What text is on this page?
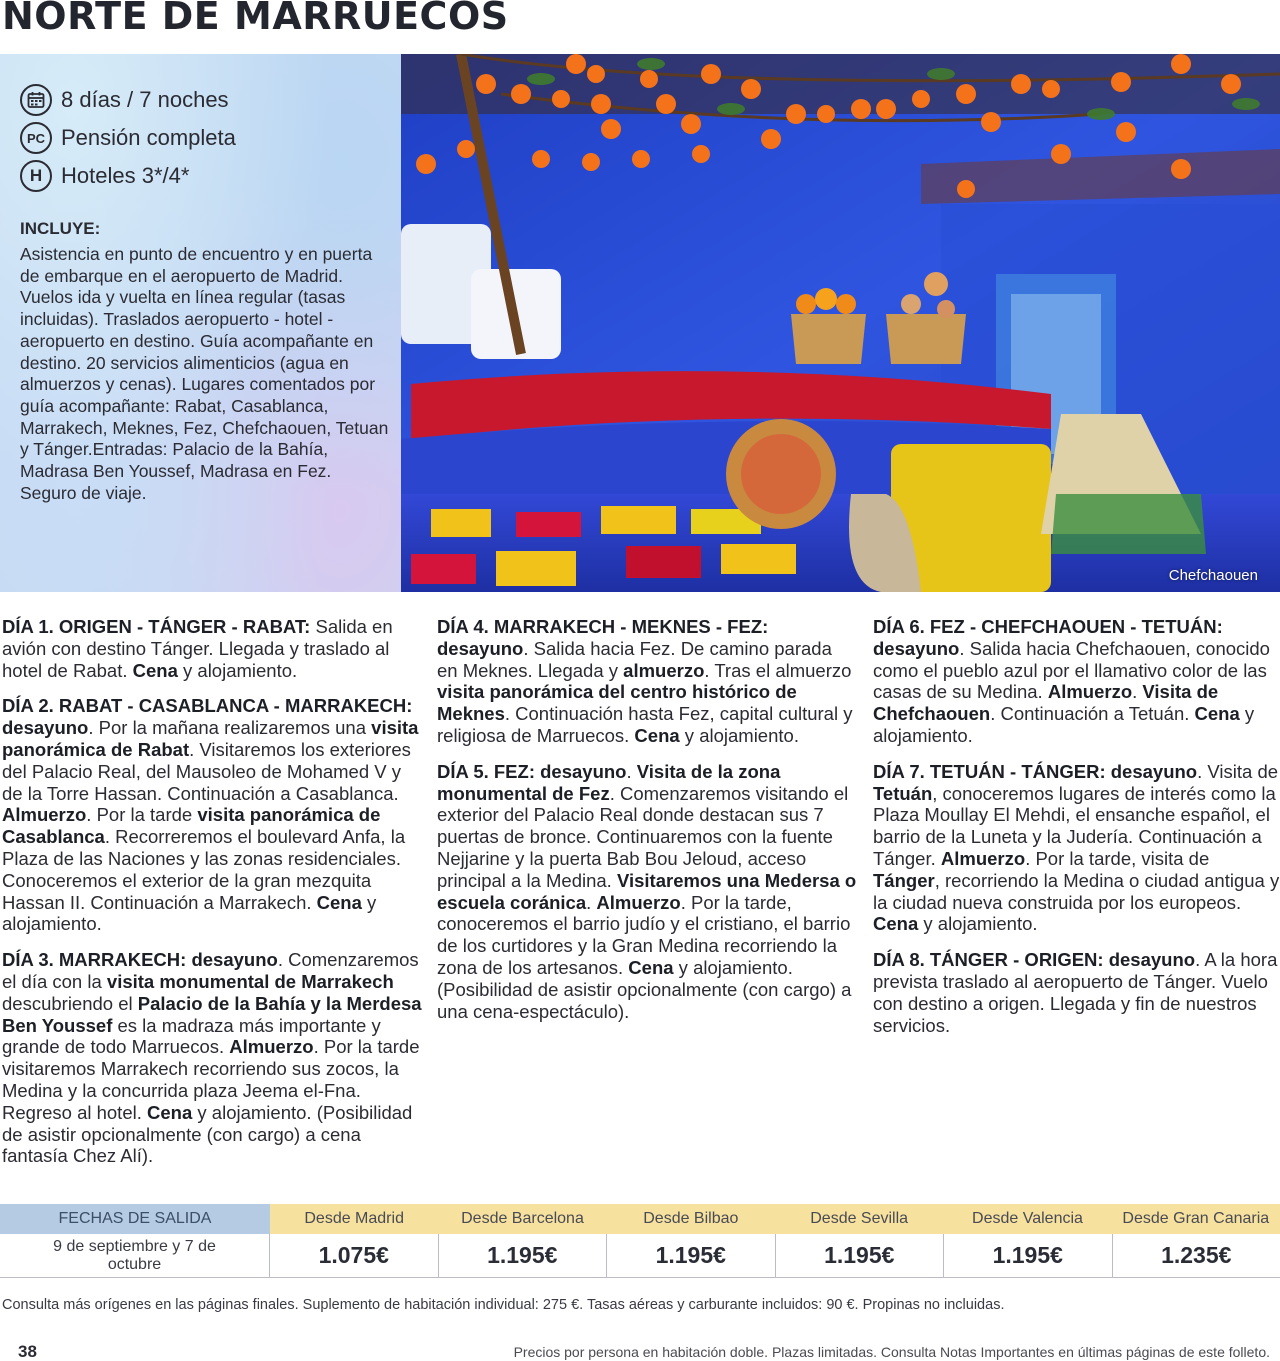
NORTE DE MARRUECOS
8 días / 7 noches
PC Pensión completa
H Hoteles 3*/4*
INCLUYE:
Asistencia en punto de encuentro y en puerta de embarque en el aeropuerto de Madrid. Vuelos ida y vuelta en línea regular (tasas incluidas). Traslados aeropuerto - hotel - aeropuerto en destino. Guía acompañante en destino. 20 servicios alimenticios (agua en almuerzos y cenas). Lugares comentados por guía acompañante: Rabat, Casablanca, Marrakech, Meknes, Fez, Chefchaouen, Tetuan y Tánger.Entradas: Palacio de la Bahía, Madrasa Ben Youssef, Madrasa en Fez. Seguro de viaje.
Chefchaouen

DÍA 1. ORIGEN - TÁNGER - RABAT: Salida en avión con destino Tánger. Llegada y traslado al hotel de Rabat. Cena y alojamiento.

DÍA 2. RABAT - CASABLANCA - MARRAKECH: desayuno. Por la mañana realizaremos una visita panorámica de Rabat. Visitaremos los exteriores del Palacio Real, del Mausoleo de Mohamed V y de la Torre Hassan. Continuación a Casablanca. Almuerzo. Por la tarde visita panorámica de Casablanca. Recorreremos el boulevard Anfa, la Plaza de las Naciones y las zonas residenciales. Conoceremos el exterior de la gran mezquita Hassan II. Continuación a Marrakech. Cena y alojamiento.

DÍA 3. MARRAKECH: desayuno. Comenzaremos el día con la visita monumental de Marrakech descubriendo el Palacio de la Bahía y la Merdesa Ben Youssef es la madraza más importante y grande de todo Marruecos. Almuerzo. Por la tarde visitaremos Marrakech recorriendo sus zocos, la Medina y la concurrida plaza Jeema el-Fna. Regreso al hotel. Cena y alojamiento. (Posibilidad de asistir opcionalmente (con cargo) a cena fantasía Chez Alí).

DÍA 4. MARRAKECH - MEKNES - FEZ: desayuno. Salida hacia Fez. De camino parada en Meknes. Llegada y almuerzo. Tras el almuerzo visita panorámica del centro histórico de Meknes. Continuación hasta Fez, capital cultural y religiosa de Marruecos. Cena y alojamiento.

DÍA 5. FEZ: desayuno. Visita de la zona monumental de Fez. Comenzaremos visitando el exterior del Palacio Real donde destacan sus 7 puertas de bronce. Continuaremos con la fuente Nejjarine y la puerta Bab Bou Jeloud, acceso principal a la Medina. Visitaremos una Medersa o escuela coránica. Almuerzo. Por la tarde, conoceremos el barrio judío y el cristiano, el barrio de los curtidores y la Gran Medina recorriendo la zona de los artesanos. Cena y alojamiento. (Posibilidad de asistir opcionalmente (con cargo) a una cena-espectáculo).

DÍA 6. FEZ - CHEFCHAOUEN - TETUÁN: desayuno. Salida hacia Chefchaouen, conocido como el pueblo azul por el llamativo color de las casas de su Medina. Almuerzo. Visita de Chefchaouen. Continuación a Tetuán. Cena y alojamiento.

DÍA 7. TETUÁN - TÁNGER: desayuno. Visita de Tetuán, conoceremos lugares de interés como la Plaza Moullay El Mehdi, el ensanche español, el barrio de la Luneta y la Judería. Continuación a Tánger. Almuerzo. Por la tarde, visita de Tánger, recorriendo la Medina o ciudad antigua y la ciudad nueva construida por los europeos. Cena y alojamiento.

DÍA 8. TÁNGER - ORIGEN: desayuno. A la hora prevista traslado al aeropuerto de Tánger. Vuelo con destino a origen. Llegada y fin de nuestros servicios.

FECHAS DE SALIDA	Desde Madrid	Desde Barcelona	Desde Bilbao	Desde Sevilla	Desde Valencia	Desde Gran Canaria
9 de septiembre y 7 de octubre	1.075€	1.195€	1.195€	1.195€	1.195€	1.235€
Consulta más orígenes en las páginas finales. Suplemento de habitación individual: 275 €. Tasas aéreas y carburante incluidos: 90 €. Propinas no incluidas.
38	Precios por persona en habitación doble. Plazas limitadas. Consulta Notas Importantes en últimas páginas de este folleto.
